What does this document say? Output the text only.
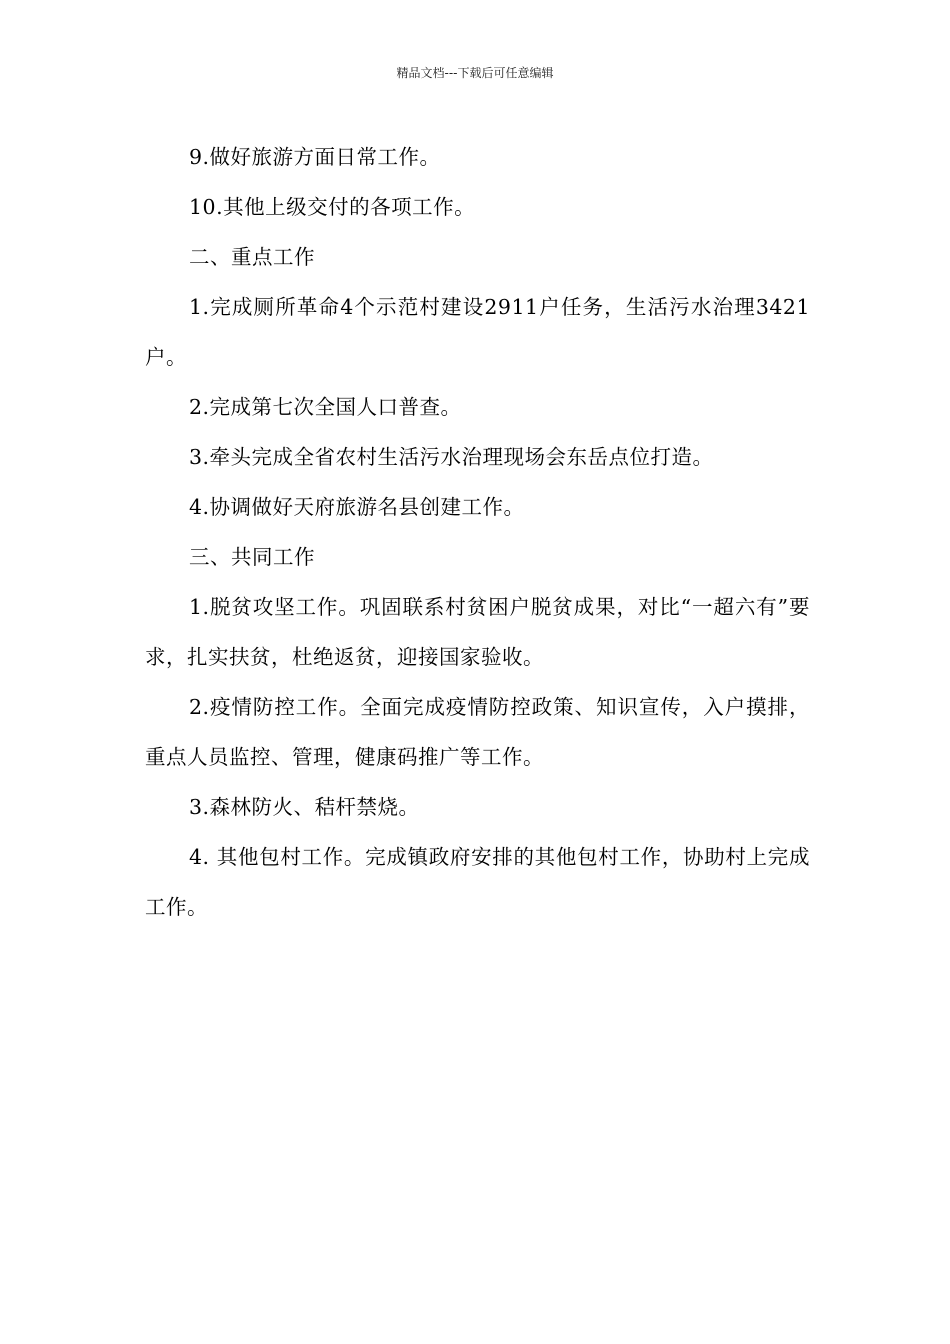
精品文档---下载后可任意编辑

9.做好旅游方面日常工作。

10.其他上级交付的各项工作。

二、重点工作

1.完成厕所革命4个示范村建设2911户任务，生活污水治理3421户。

2.完成第七次全国人口普查。

3.牵头完成全省农村生活污水治理现场会东岳点位打造。

4.协调做好天府旅游名县创建工作。

三、共同工作

1.脱贫攻坚工作。巩固联系村贫困户脱贫成果，对比“一超六有”要求，扎实扶贫，杜绝返贫，迎接国家验收。

2.疫情防控工作。全面完成疫情防控政策、知识宣传，入户摸排，重点人员监控、管理，健康码推广等工作。

3.森林防火、秸杆禁烧。

4. 其他包村工作。完成镇政府安排的其他包村工作，协助村上完成工作。
